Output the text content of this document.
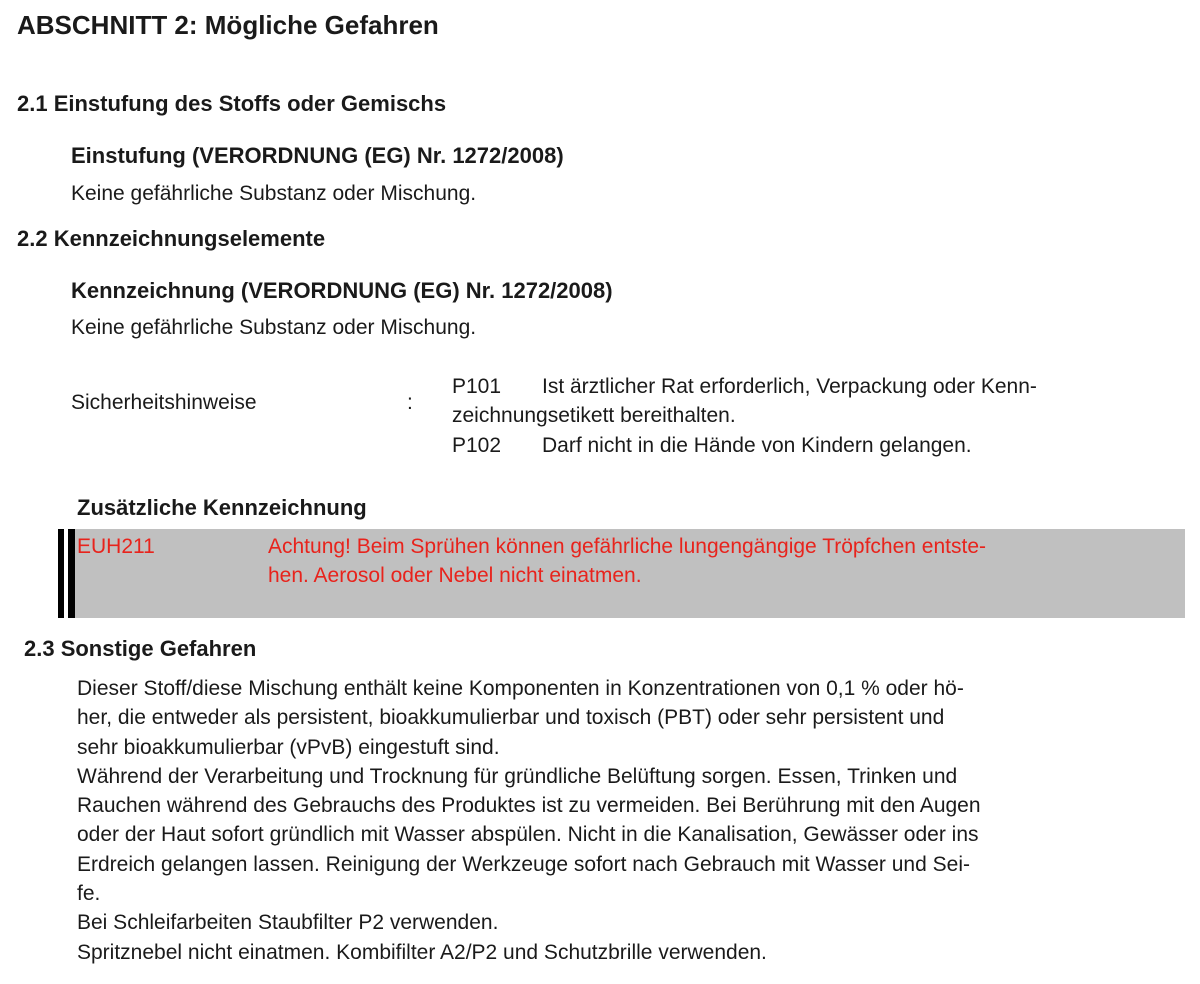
ABSCHNITT 2: Mögliche Gefahren
2.1 Einstufung des Stoffs oder Gemischs
Einstufung (VERORDNUNG (EG) Nr. 1272/2008)
Keine gefährliche Substanz oder Mischung.
2.2 Kennzeichnungselemente
Kennzeichnung (VERORDNUNG (EG) Nr. 1272/2008)
Keine gefährliche Substanz oder Mischung.
Sicherheitshinweise	:
P101 Ist ärztlicher Rat erforderlich, Verpackung oder Kenn-
zeichnungsetikett bereithalten.
P102 Darf nicht in die Hände von Kindern gelangen.
Zusätzliche Kennzeichnung
EUH211	Achtung! Beim Sprühen können gefährliche lungengängige Tröpfchen entste-
hen. Aerosol oder Nebel nicht einatmen.
2.3 Sonstige Gefahren
Dieser Stoff/diese Mischung enthält keine Komponenten in Konzentrationen von 0,1 % oder hö-
her, die entweder als persistent, bioakkumulierbar und toxisch (PBT) oder sehr persistent und
sehr bioakkumulierbar (vPvB) eingestuft sind.
Während der Verarbeitung und Trocknung für gründliche Belüftung sorgen. Essen, Trinken und
Rauchen während des Gebrauchs des Produktes ist zu vermeiden. Bei Berührung mit den Augen
oder der Haut sofort gründlich mit Wasser abspülen. Nicht in die Kanalisation, Gewässer oder ins
Erdreich gelangen lassen. Reinigung der Werkzeuge sofort nach Gebrauch mit Wasser und Sei-
fe.
Bei Schleifarbeiten Staubfilter P2 verwenden.
Spritznebel nicht einatmen. Kombifilter A2/P2 und Schutzbrille verwenden.
